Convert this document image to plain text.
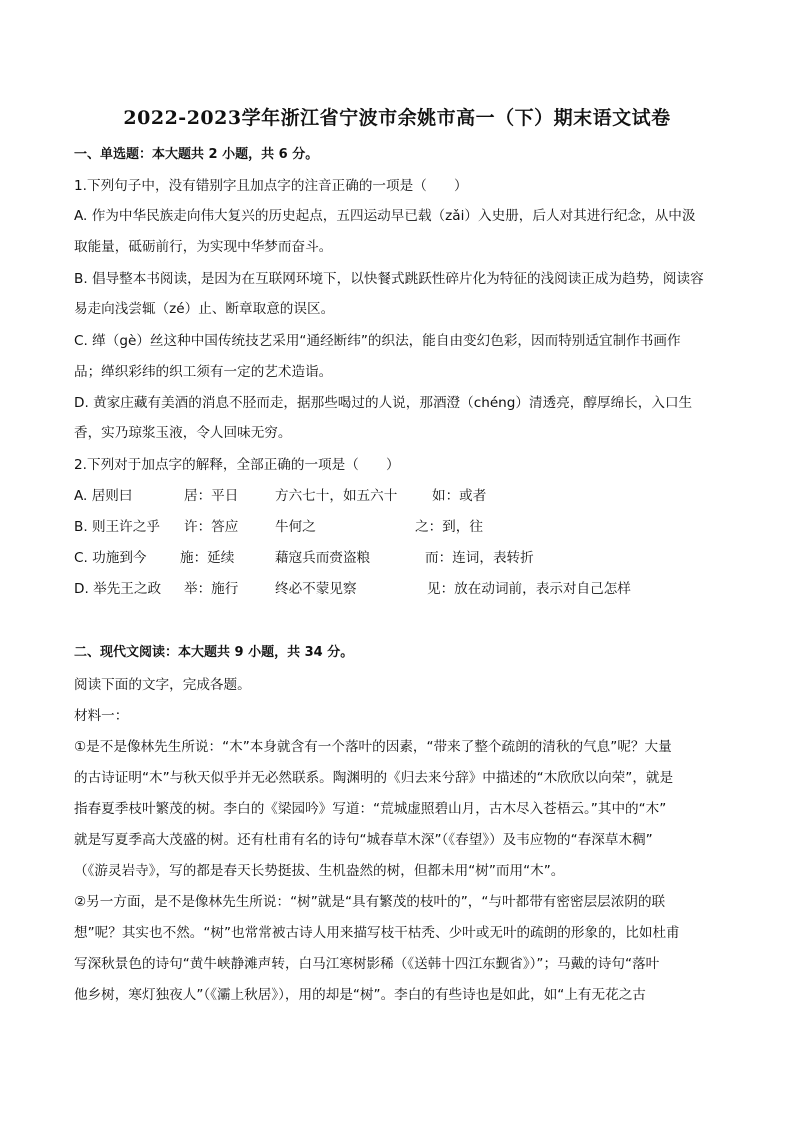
2022-2023学年浙江省宁波市余姚市高一（下）期末语文试卷
一、单选题：本大题共 2 小题，共 6 分。
1.下列句子中，没有错别字且加点字的注音正确的一项是（　　）
A. 作为中华民族走向伟大复兴的历史起点，五四运动早已载（zǎi）入史册，后人对其进行纪念，从中汲
取能量，砥砺前行，为实现中华梦而奋斗。
B. 倡导整本书阅读，是因为在互联网环境下，以快餐式跳跃性碎片化为特征的浅阅读正成为趋势，阅读容
易走向浅尝辄（zé）止、断章取意的误区。
C. 缂（gè）丝这种中国传统技艺采用“通经断纬”的织法，能自由变幻色彩，因而特别适宜制作书画作
品；缂织彩纬的织工须有一定的艺术造诣。
D. 黄家庄藏有美酒的消息不胫而走，据那些喝过的人说，那酒澄（chéng）清透亮，醇厚绵长，入口生
香，实乃琼浆玉液，令人回味无穷。
2.下列对于加点字的解释，全部正确的一项是（　　）
A. 居则曰	居：平日	方六七十，如五六十	如：或者
B. 则王许之乎 许：答应	牛何之	之：到，往
C. 功施到今 施：延续	藉寇兵而赍盗粮	而：连词，表转折
D. 举先王之政 举：施行	终必不蒙见察	见：放在动词前，表示对自己怎样
二、现代文阅读：本大题共 9 小题，共 34 分。
阅读下面的文字，完成各题。
材料一：
①是不是像林先生所说：“木”本身就含有一个落叶的因素，“带来了整个疏朗的清秋的气息”呢？大量
的古诗证明“木”与秋天似乎并无必然联系。陶渊明的《归去来兮辞》中描述的“木欣欣以向荣”，就是
指春夏季枝叶繁茂的树。李白的《梁园吟》写道：“荒城虚照碧山月，古木尽入苍梧云。”其中的“木”
就是写夏季高大茂盛的树。还有杜甫有名的诗句“城春草木深”（《春望》）及韦应物的“春深草木稠”
（《游灵岩寺》，写的都是春天长势挺拔、生机盎然的树，但都未用“树”而用“木”。
②另一方面，是不是像林先生所说：“树”就是“具有繁茂的枝叶的”，“与叶都带有密密层层浓阴的联
想”呢？其实也不然。“树”也常常被古诗人用来描写枝干枯秃、少叶或无叶的疏朗的形象的，比如杜甫
写深秋景色的诗句“黄牛峡静滩声转，白马江寒树影稀（《送韩十四江东觐省》）”；马戴的诗句“落叶
他乡树，寒灯独夜人”（《灞上秋居》），用的却是“树”。李白的有些诗也是如此，如“上有无花之古
